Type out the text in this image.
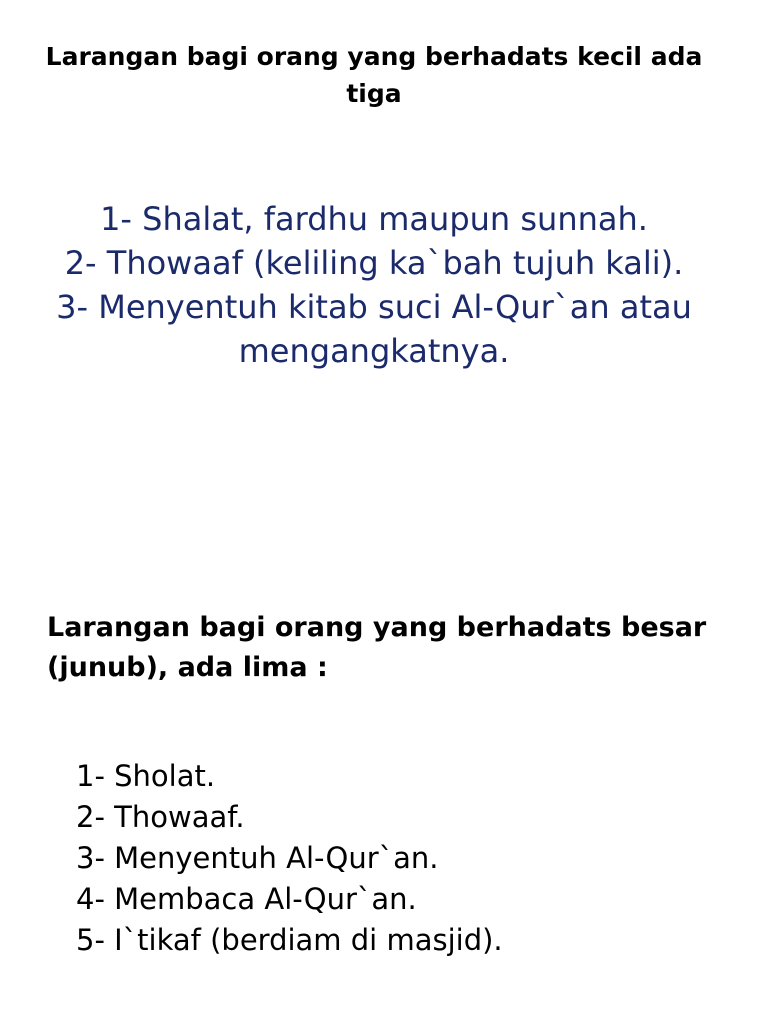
Larangan bagi orang yang berhadats kecil ada tiga
1- Shalat, fardhu maupun sunnah.
2- Thowaaf (keliling ka`bah tujuh kali).
3- Menyentuh kitab suci Al-Qur`an atau mengangkatnya.
Larangan bagi orang yang berhadats besar (junub), ada lima :
1- Sholat.
2- Thowaaf.
3- Menyentuh Al-Qur`an.
4- Membaca Al-Qur`an.
5- I`tikaf (berdiam di masjid).
